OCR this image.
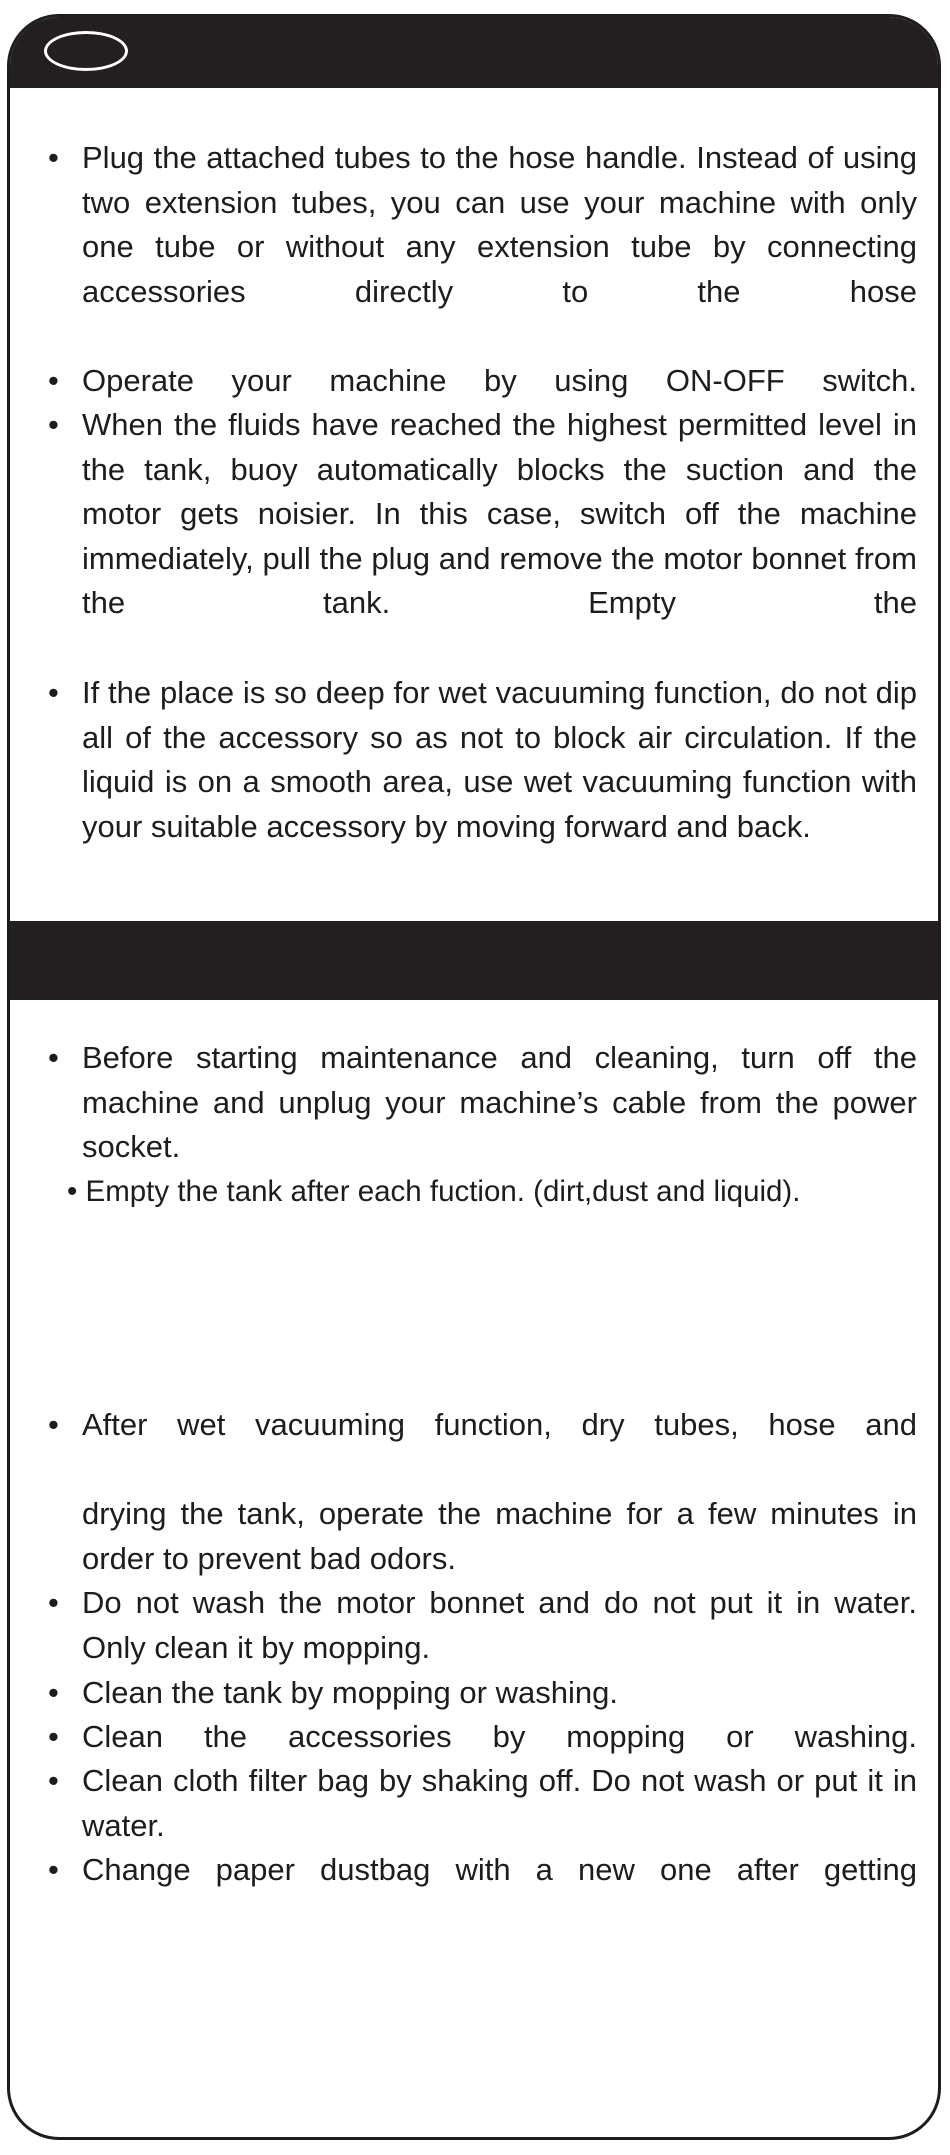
• Plug the attached tubes to the hose handle. Instead of using two extension tubes, you can use your machine with only one tube or without any extension tube by connecting accessories directly to the hose
• Operate your machine by using ON-OFF switch.
• When the fluids have reached the highest permitted level in the tank, buoy automatically blocks the suction and the motor gets noisier. In this case, switch off the machine immediately, pull the plug and remove the motor bonnet from the tank. Empty the
• If the place is so deep for wet vacuuming function, do not dip all of the accessory so as not to block air circulation. If the liquid is on a smooth area, use wet vacuuming function with your suitable accessory by moving forward and back.
• Before starting maintenance and cleaning, turn off the machine and unplug your machine’s cable from the power socket.
• Empty the tank after each fuction. (dirt,dust and liquid).
• After wet vacuuming function, dry tubes, hose and
drying the tank, operate the machine for a few minutes in order to prevent bad odors.
• Do not wash the motor bonnet and do not put it in water. Only clean it by mopping.
• Clean the tank by mopping or washing.
• Clean the accessories by mopping or washing.
• Clean cloth filter bag by shaking off. Do not wash or put it in water.
• Change paper dustbag with a new one after getting
